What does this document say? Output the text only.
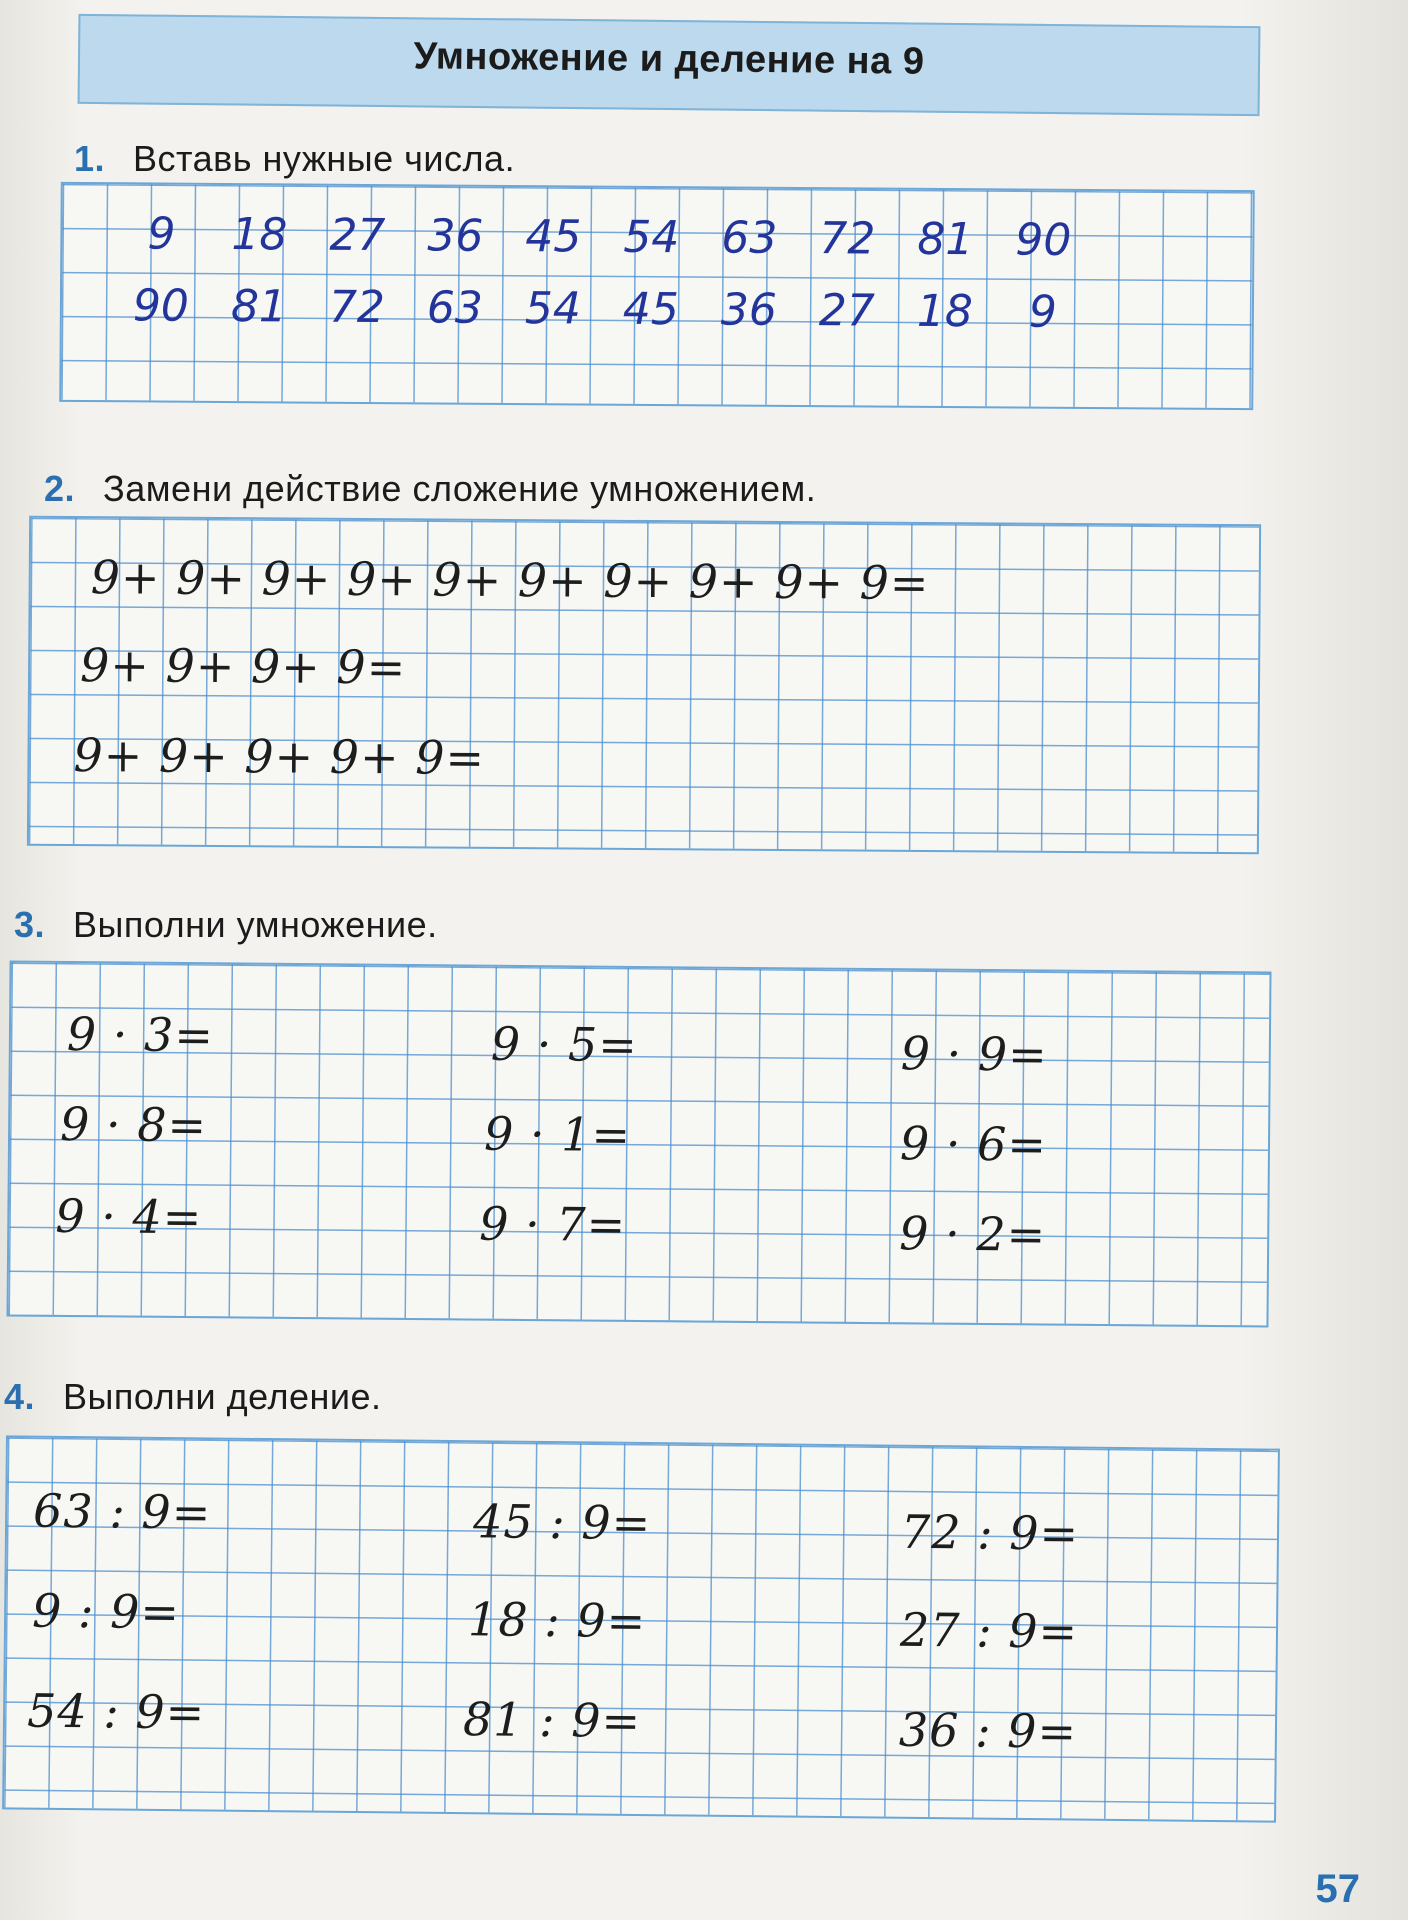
Умножение и деление на 9
1. Вставь нужные числа.
9	18 27 36 45 54 63 72 81 90
90 81 72 63 54 45 36 27 18	9
2. Замени действие сложение умножением.
9+ 9+ 9+ 9+ 9+ 9+ 9+ 9+ 9+ 9=
9+ 9+ 9+ 9=
9+ 9+ 9+ 9+ 9=
3. Выполни умножение.
9 · 3=
9 · 8=
9 · 4=
9 · 5=
9 · 1=
9 · 7=
9 · 9=
9 · 6=
9 · 2=
4. Выполни деление.
63 : 9=
9 : 9=
54 : 9=
45 : 9=
18 : 9=
81 : 9=
72 : 9=
27 : 9=
36 : 9=
57
